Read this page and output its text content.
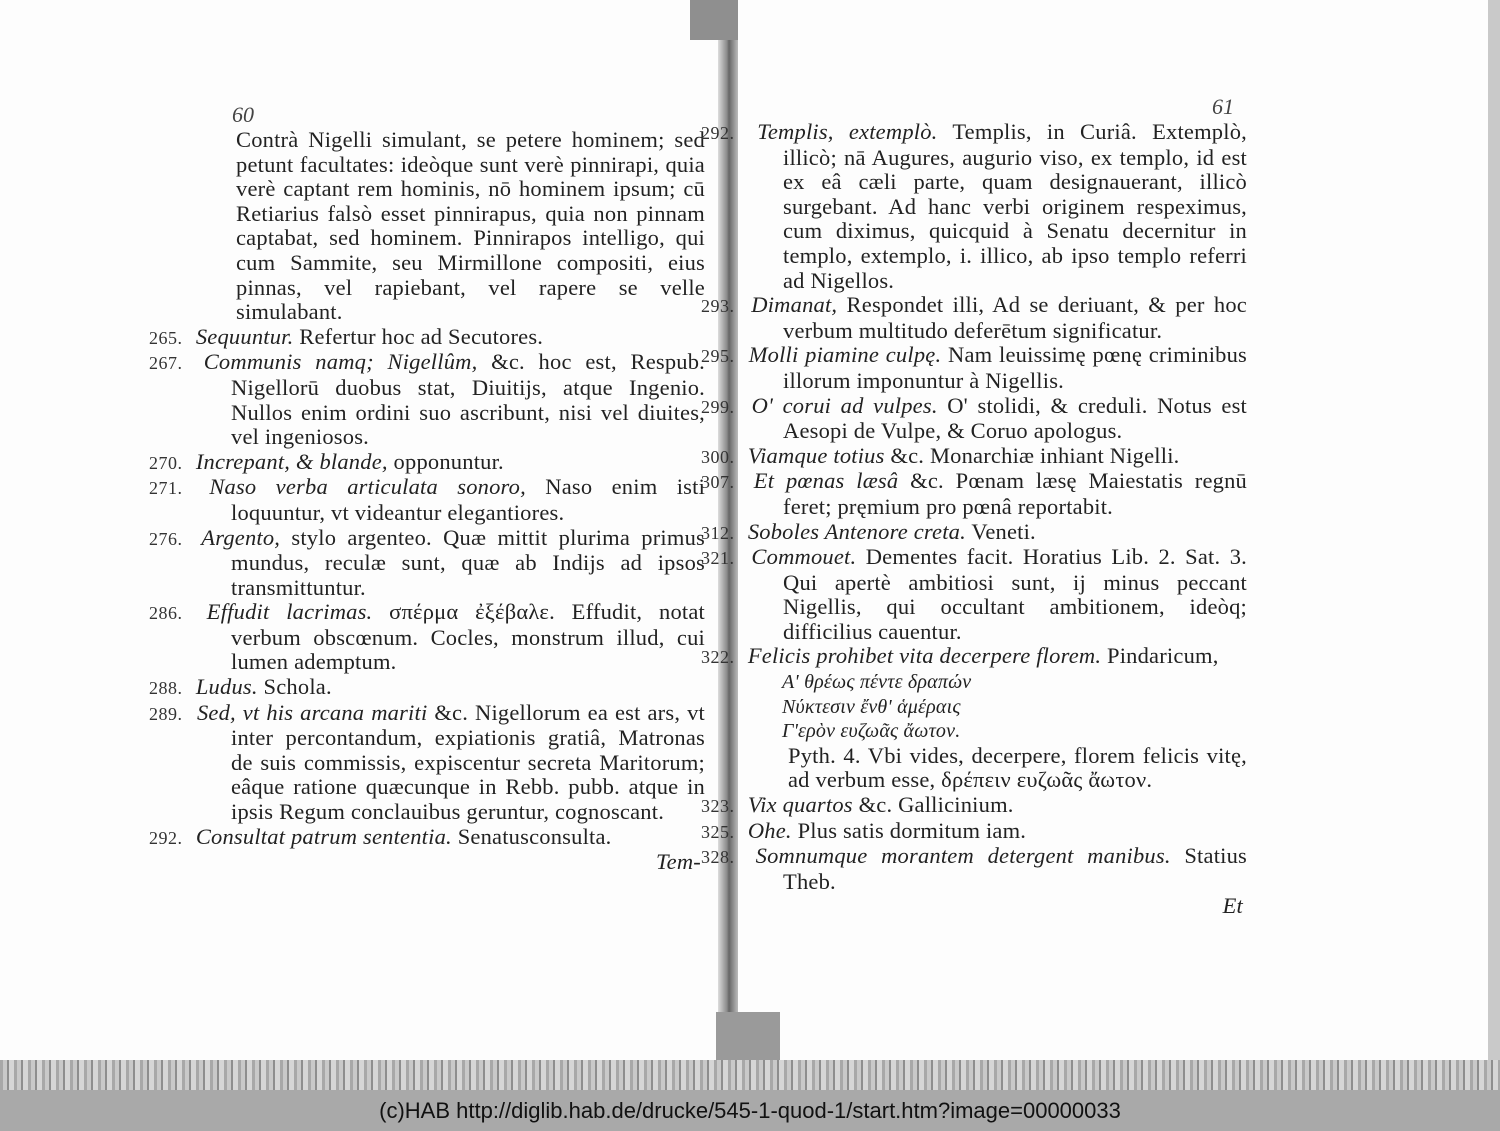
60	61
Contrà Nigelli simulant, se petere hominem; sed petunt facultates: ideòque sunt verè pinnirapi, quia verè captant rem hominis, nō hominem ipsum; cū Retiarius falsò esset pinnirapus, quia non pinnam captabat, sed hominem. Pinnirapos intelligo, qui cum Sammite, seu Mirmillone compositi, eius pinnas, vel rapiebant, vel rapere se velle simulabant.
Sequuntur. Refertur hoc ad Secutores.
Communis namq; Nigellûm, &c. hoc est, Respub. Nigellorū duobus stat, Diuitijs, atque Ingenio. Nullos enim ordini suo ascribunt, nisi vel diuites, vel ingeniosos.
Increpant, & blande, opponuntur.
Naso verba articulata sonoro, Naso enim isti loquuntur, vt videantur elegantiores.
Argento, stylo argenteo. Quæ mittit plurima primus mundus, reculæ sunt, quæ ab Indijs ad ipsos transmittuntur.
Effudit lacrimas. σπέρμα ἐξέβαλε. Effudit, notat verbum obscœnum. Cocles, monstrum illud, cui lumen ademptum.
Ludus. Schola.
Sed, vt his arcana mariti &c. Nigellorum ea est ars, vt inter percontandum, expiationis gratiâ, Matronas de suis commissis, expiscentur secreta Maritorum; eâque ratione quæcunque in Rebb. pubb. atque in ipsis Regum conclauibus geruntur, cognoscant.
Consultat patrum sententia. Senatusconsulta.
Tem-
Templis, extemplò. Templis, in Curiâ. Extemplò, illicò; nā Augures, augurio viso, ex templo, id est ex eâ cæli parte, quam designauerant, illicò surgebant. Ad hanc verbi originem respeximus, cum diximus, quicquid à Senatu decernitur in templo, extemplo, i. illico, ab ipso templo referri ad Nigellos.
Dimanat, Respondet illi, Ad se deriuant, & per hoc verbum multitudo deferētum significatur.
Molli piamine culpę. Nam leuissimę pœnę criminibus illorum imponuntur à Nigellis.
O' corui ad vulpes. O' stolidi, & creduli. Notus est Aesopi de Vulpe, & Coruo apologus.
Viamque totius &c. Monarchiæ inhiant Nigelli.
Et pœnas læsâ &c. Pœnam læsę Maiestatis regnū feret; pręmium pro pœnâ reportabit.
Soboles Antenore creta. Veneti.
Commouet. Dementes facit. Horatius Lib. 2. Sat. 3. Qui apertè ambitiosi sunt, ij minus peccant Nigellis, qui occultant ambitionem, ideòq; difficilius cauentur.
Felicis prohibet vita decerpere florem. Pindaricum,
Α' θρέως πέντε δραπών
Νύκτεσιν ἔνθ' ἁμέραις
Γ'ερὸν ευζωᾶς ἄωτον.
Pyth. 4. Vbi vides, decerpere, florem felicis vitę, ad verbum esse, δρέπειν ευζωᾶς ἄωτον.
Vix quartos &c. Gallicinium.
Ohe. Plus satis dormitum iam.
Somnumque morantem detergent manibus. Statius Theb.
Et
(c)HAB http://diglib.hab.de/drucke/545-1-quod-1/start.htm?image=00000033
